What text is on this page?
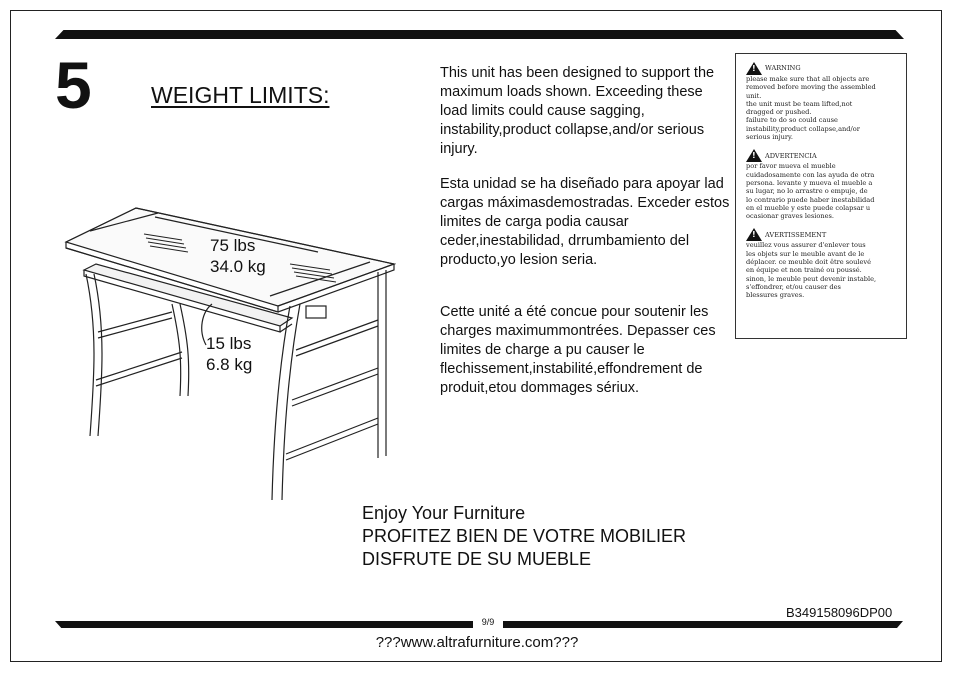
5	WEIGHT LIMITS:
75 lbs
34.0 kg
15 lbs
6.8 kg

This unit has been designed to support the maximum loads shown. Exceeding these load limits could cause sagging, instability,product collapse,and/or serious injury.

Esta unidad se ha diseñado para apoyar lad cargas máximasdemostradas. Exceder estos limites de carga podia causar ceder,inestabilidad, drrumbamiento del producto,yo lesion seria.

Cette unité a été concue pour soutenir les charges maximummontrées. Depasser ces limites de charge a pu causer le flechissement,instabilité,effondrement de produit,etou dommages sériux.

!
WARNING
please make sure that all objects are
removed before moving the assembled
unit.
the unit must be team lifted,not
dragged or pushed.
failure to do so could cause
instability,product collapse,and/or
serious injury.
!
ADVERTENCIA
por favor mueva el mueble
cuidadosamente con las ayuda de otra
persona. levante y mueva el mueble a
su lugar, no lo arrastre o empuje, de
lo contrario puede haber inestabilidad
en el mueble y este puede colapsar u
ocasionar graves lesiones.
!
AVERTISSEMENT
veuillez vous assurer d'enlever tous
les objets sur le meuble avant de le
déplacer. ce meuble doit être soulevé
en équipe et non trainé ou poussé.
sinon, le meuble peut devenir instable,
s'effondrer, et/ou causer des
blessures graves.
Enjoy Your Furniture
PROFITEZ BIEN DE VOTRE MOBILIER
DISFRUTE DE SU MUEBLE
B349158096DP00
9/9
???www.altrafurniture.com???
